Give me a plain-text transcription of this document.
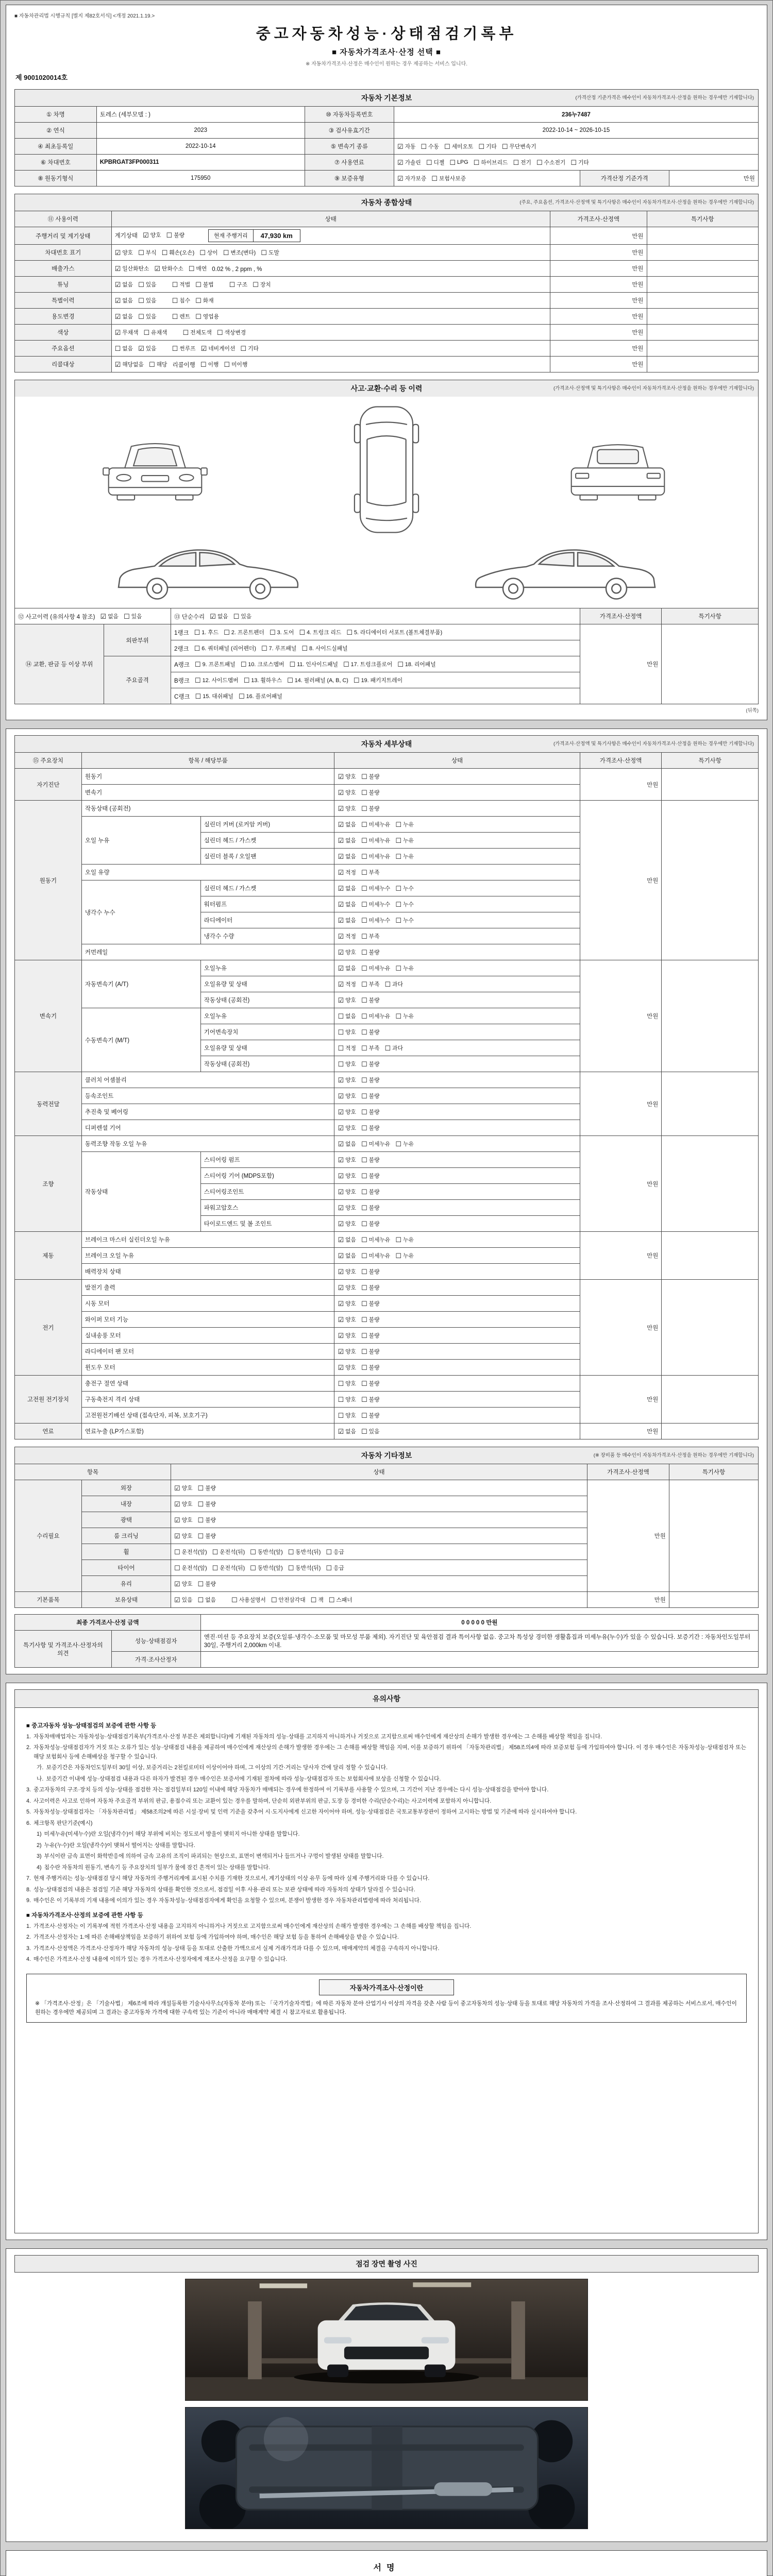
■ 자동차관리법 시행규칙 [별지 제82호서식] <개정 2021.1.19.>
중고자동차성능·상태점검기록부
■ 자동차가격조사·산정 선택 ■
※ 자동차가격조사·산정은 매수인이 원하는 경우 제공하는 서비스 입니다.
제 9001020014호
자동차 기본정보	(가격산정 기준가격은 매수인이 자동차가격조사·산정을 원하는 경우에만 기재합니다)
① 차명	토레스 (세부모델 : )	⑩ 자동차등록번호	236누7487		
② 연식	2023	③ 검사유효기간	2022-10-14 ~ 2026-10-15		
④ 최초등록일	2022-10-14	⑤ 변속기 종류	☑ 자동 ☐ 수동 ☐ 세미오토 ☐ 기타 ☐ 무단변속기

⑥ 차대번호	KPBRGAT3FP000311	⑦ 사용연료	☑ 가솔린 ☐ 디젤 ☐ LPG ☐ 하이브리드 ☐ 전기 ☐ 수소전기 ☐ 기타

⑧ 원동기형식	175950	⑨ 보증유형	☑ 자가보증 ☐ 보험사보증	가격산정 기준가격	만원
자동차 종합상태	(주요, 주요옵션, 가격조사·산정액 및 특기사항은 매수인이 자동차가격조사·산정을 원하는 경우에만 기재합니다)
⑪ 사용이력	상태	가격조사·산정액	특기사항
주행거리 및 계기상태	계기상태 ☑ 양호 ☐ 불량	현재 주행거리	47,930 km	만원	
차대번호 표기	☑ 양호 ☐ 부식 ☐ 훼손(오손) ☐ 상이 ☐ 변조(변타) ☐ 도말	만원	
배출가스	☑ 일산화탄소 ☑ 탄화수소 ☐ 매연 0.02 % , 2 ppm , %	만원	
튜닝	☑ 없음 ☐ 있음 ☐ 적법 ☐ 불법 ☐ 구조 ☐ 장치	만원	
특별이력	☑ 없음 ☐ 있음 ☐ 침수 ☐ 화재	만원	
용도변경	☑ 없음 ☐ 있음 ☐ 렌트 ☐ 영업용	만원	
색상	☑ 무채색 ☐ 유채색 ☐ 전체도색 ☐ 색상변경	만원	
주요옵션	☐ 없음 ☑ 있음 ☐ 썬루프 ☑ 네비게이션 ☐ 기타	만원	
리콜대상	☑ 해당없음 ☐ 해당 리콜이행 ☐ 이행 ☐ 미이행	만원	
사고·교환·수리 등 이력	(가격조사·산정액 및 특기사항은 매수인이 자동차가격조사·산정을 원하는 경우에만 기재합니다)
⑫ 사고이력 (유의사항 4 참조) ☑ 없음 ☐ 있음		⑬ 단순수리 ☑ 없음 ☐ 있음	가격조사·산정액	특기사항
⑭ 교환, 판금 등 이상 부위	외판부위	1랭크 ☐ 1. 후드 ☐ 2. 프론트펜더 ☐ 3. 도어 ☐ 4. 트렁크 리드 ☐ 5. 라디에이터 서포트 (볼트체결부품)
	만원	
2랭크 ☐ 6. 쿼터패널 (리어펜더) ☐ 7. 루프패널 ☐ 8. 사이드실패널

주요골격	A랭크 ☐ 9. 프론트패널 ☐ 10. 크로스멤버 ☐ 11. 인사이드패널 ☐ 17. 트렁크플로어 ☐ 18. 리어패널

B랭크 ☐ 12. 사이드멤버 ☐ 13. 휠하우스 ☐ 14. 필러패널 (A, B, C) ☐ 19. 패키지트레이

		C랭크 ☐ 15. 대쉬패널 ☐ 16. 플로어패널		
(뒤쪽)
자동차 세부상태	(가격조사·산정액 및 특기사항은 매수인이 자동차가격조사·산정을 원하는 경우에만 기재합니다)
⑮ 주요장치	항목 / 해당부품		상태	가격조사·산정액	특기사항
자기진단	원동기		☑ 양호 ☐ 불량	만원	
	변속기		☑ 양호 ☐ 불량		

원동기	작동상태 (공회전)		☑ 양호 ☐ 불량	만원	
오일 누유	실린더 커버 (로커암 커버)	☑ 없음 ☐ 미세누유 ☐ 누유

실린더 헤드 / 가스켓	☑ 없음 ☐ 미세누유 ☐ 누유

실린더 블록 / 오일팬	☑ 없음 ☐ 미세누유 ☐ 누유

	오일 유량		☑ 적정 ☐ 부족		

냉각수 누수	실린더 헤드 / 가스켓	☑ 없음 ☐ 미세누수 ☐ 누수

워터펌프	☑ 없음 ☐ 미세누수 ☐ 누수

라디에이터	☑ 없음 ☐ 미세누수 ☐ 누수

		냉각수 수량	☑ 적정 ☐ 부족		

	커먼레일		☑ 양호 ☐ 불량		

변속기	자동변속기 (A/T)	오일누유	☑ 없음 ☐ 미세누유 ☐ 누유
	만원	
오일유량 및 상태	☑ 적정 ☐ 부족 ☐ 과다

		작동상태 (공회전)	☑ 양호 ☐ 불량		

수동변속기 (M/T)	오일누유	☐ 없음 ☐ 미세누유 ☐ 누유

		기어변속장치	☐ 양호 ☐ 불량		

오일유량 및 상태	☐ 적정 ☐ 부족 ☐ 과다

		작동상태 (공회전)	☐ 양호 ☐ 불량		

동력전달	클러치 어셈블리		☑ 양호 ☐ 불량	만원	
	등속조인트		☑ 양호 ☐ 불량		

	추진축 및 베어링		☑ 양호 ☐ 불량		

	디퍼렌셜 기어		☑ 양호 ☐ 불량		

조향	동력조향 작동 오일 누유	☑ 없음 ☐ 미세누유 ☐ 누유
	만원	
	작동상태	스티어링 펌프	☑ 양호 ☐ 불량		

		스티어링 기어 (MDPS포함)	☑ 양호 ☐ 불량		

		스티어링조인트	☑ 양호 ☐ 불량		

		파워고압호스	☑ 양호 ☐ 불량		

		타이로드엔드 및 볼 조인트	☑ 양호 ☐ 불량		

제동	브레이크 마스터 실린더오일 누유	☑ 없음 ☐ 미세누유 ☐ 누유
	만원	
브레이크 오일 누유	☑ 없음 ☐ 미세누유 ☐ 누유

	배력장치 상태		☑ 양호 ☐ 불량		

전기	발전기 출력		☑ 양호 ☐ 불량	만원	
	시동 모터		☑ 양호 ☐ 불량		

	와이퍼 모터 기능		☑ 양호 ☐ 불량		

	실내송풍 모터		☑ 양호 ☐ 불량		

	라디에이터 팬 모터		☑ 양호 ☐ 불량		

	윈도우 모터		☑ 양호 ☐ 불량		

고전원 전기장치	충전구 절연 상태		☐ 양호 ☐ 불량	만원	
	구동축전지 격리 상태		☐ 양호 ☐ 불량		

	고전원전기배선 상태 (접속단자, 피복, 보호기구)		☐ 양호 ☐ 불량		

연료	연료누출 (LP가스포함)		☑ 없음 ☐ 있음	만원	
자동차 기타정보	(※ 장비품 등 매수인이 자동차가격조사·산정을 원하는 경우에만 기재합니다)
항목		상태	가격조사·산정액	특기사항
수리필요	외장	☑ 양호 ☐ 불량	만원	
	내장	☑ 양호 ☐ 불량		

	광택	☑ 양호 ☐ 불량		

	룸 크리닝	☑ 양호 ☐ 불량		

휠	☐ 운전석(앞) ☐ 운전석(뒤) ☐ 동반석(앞) ☐ 동반석(뒤) ☐ 응급

타이어	☐ 운전석(앞) ☐ 운전석(뒤) ☐ 동반석(앞) ☐ 동반석(뒤) ☐ 응급

	유리	☑ 양호 ☐ 불량		

기본품목	보유상태	☑ 있음 ☐ 없음 ☐ 사용설명서 ☐ 안전삼각대 ☐ 잭 ☐ 스패너	만원	
최종 가격조사·산정 금액		0 0 0 0 0 만원
특기사항 및 가격조사·산정자의 의견	성능·상태점검자	엔진·미션 등 주요장치 보증(오일류·냉각수·소모품 및 마모성 부품 제외). 자기진단 및 육안점검 결과 특이사항 없음. 중고차 특성상 경미한 생활흠집과 미세누유(누수)가 있을 수 있습니다. 보증기간 : 자동차인도일부터 30일, 주행거리 2,000km 이내.
	가격·조사산정자	
유의사항
■ 중고자동차 성능·상태점검의 보증에 관한 사항 등
1. 자동차매매업자는 자동차성능·상태점검기록부(가격조사·산정 부분은 제외합니다)에 기재된 자동차의 성능·상태를 고지하지 아니하거나 거짓으로 고지함으로써 매수인에게 재산상의 손해가 발생한 경우에는 그 손해를 배상할 책임을 집니다.
2. 자동차성능·상태점검자가 거짓 또는 오류가 있는 성능·상태점검 내용을 제공하여 매수인에게 재산상의 손해가 발생한 경우에는 그 손해를 배상할 책임을 지며, 이를 보증하기 위하여 「자동차관리법」 제58조의4에 따라 보증보험 등에 가입하여야 합니다. 이 경우 매수인은 자동차성능·상태점검자 또는 해당 보험회사 등에 손해배상을 청구할 수 있습니다.
가. 보증기간은 자동차인도일부터 30일 이상, 보증거리는 2천킬로미터 이상이어야 하며, 그 이상의 기간·거리는 당사자 간에 달리 정할 수 있습니다.
나. 보증기간 이내에 성능·상태점검 내용과 다른 하자가 발견된 경우 매수인은 보증서에 기재된 절차에 따라 성능·상태점검자 또는 보험회사에 보상을 신청할 수 있습니다.
3. 중고자동차의 구조·장치 등의 성능·상태를 점검한 자는 점검일부터 120일 이내에 해당 자동차가 매매되는 경우에 한정하여 이 기록부를 사용할 수 있으며, 그 기간이 지난 경우에는 다시 성능·상태점검을 받아야 합니다.
4. 사고이력은 사고로 인하여 자동차 주요골격 부위의 판금, 용접수리 또는 교환이 있는 경우를 말하며, 단순히 외판부위의 판금, 도장 등 경미한 수리(단순수리)는 사고이력에 포함하지 아니합니다.
5. 자동차성능·상태점검자는 「자동차관리법」 제58조의2에 따른 시설·장비 및 인력 기준을 갖추어 시·도지사에게 신고한 자이어야 하며, 성능·상태점검은 국토교통부장관이 정하여 고시하는 방법 및 기준에 따라 실시하여야 합니다.
6. 체크항목 판단기준(예시)
1) 미세누유(미세누수)란 오일(냉각수)이 해당 부위에 비치는 정도로서 방울이 맺히지 아니한 상태를 말합니다.
2) 누유(누수)란 오일(냉각수)이 맺혀서 떨어지는 상태를 말합니다.
3) 부식이란 금속 표면이 화학반응에 의하여 금속 고유의 조직이 파괴되는 현상으로, 표면이 변색되거나 들뜨거나 구멍이 발생된 상태를 말합니다.
4) 침수란 자동차의 원동기, 변속기 등 주요장치의 일부가 물에 잠긴 흔적이 있는 상태를 말합니다.
7. 현재 주행거리는 성능·상태점검 당시 해당 자동차의 주행거리계에 표시된 수치를 기재한 것으로서, 계기상태의 이상 유무 등에 따라 실제 주행거리와 다를 수 있습니다.
8. 성능·상태점검의 내용은 점검일 기준 해당 자동차의 상태를 확인한 것으로서, 점검일 이후 사용·관리 또는 보관 상태에 따라 자동차의 상태가 달라질 수 있습니다.
9. 매수인은 이 기록부의 기재 내용에 이의가 있는 경우 자동차성능·상태점검자에게 확인을 요청할 수 있으며, 분쟁이 발생한 경우 자동차관리법령에 따라 처리됩니다.
■ 자동차가격조사·산정의 보증에 관한 사항 등
1. 가격조사·산정자는 이 기록부에 적힌 가격조사·산정 내용을 고지하지 아니하거나 거짓으로 고지함으로써 매수인에게 재산상의 손해가 발생한 경우에는 그 손해를 배상할 책임을 집니다.
2. 가격조사·산정자는 1.에 따른 손해배상책임을 보증하기 위하여 보험 등에 가입하여야 하며, 매수인은 해당 보험 등을 통하여 손해배상을 받을 수 있습니다.
3. 가격조사·산정액은 가격조사·산정자가 해당 자동차의 성능·상태 등을 토대로 산출한 가액으로서 실제 거래가격과 다를 수 있으며, 매매계약의 체결을 구속하지 아니합니다.
4. 매수인은 가격조사·산정 내용에 이의가 있는 경우 가격조사·산정자에게 재조사·산정을 요구할 수 있습니다.
자동차가격조사·산정이란
※ 「가격조사·산정」은 「기술사법」 제6조에 따라 개설등록한 기술사사무소(자동차 분야) 또는 「국가기술자격법」에 따른 자동차 분야 산업기사 이상의 자격을 갖춘 사람 등이 중고자동차의 성능·상태 등을 토대로 해당 자동차의 가격을 조사·산정하여 그 결과를 제공하는 서비스로서, 매수인이 원하는 경우에만 제공되며 그 결과는 중고자동차 가격에 대한 구속력 있는 기준이 아니라 매매계약 체결 시 참고자료로 활용됩니다.
점검 장면 촬영 사진
서명
